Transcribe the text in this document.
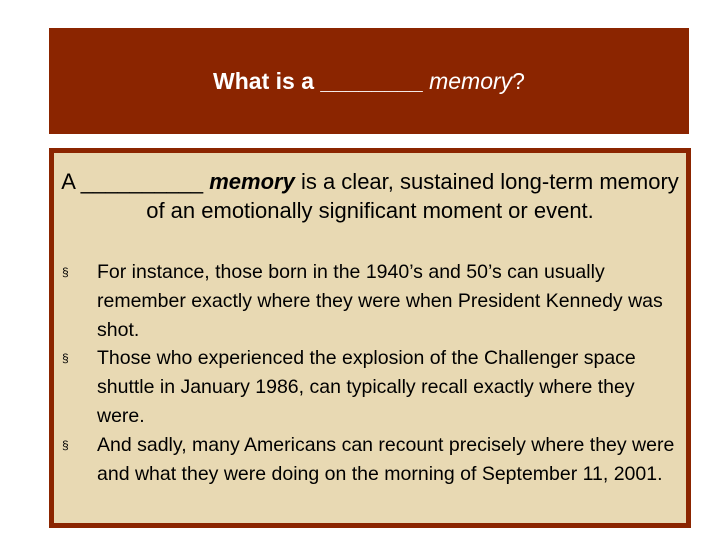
What is a ________ memory?
A __________ memory is a clear, sustained long-term memory of an emotionally significant moment or event.
§ For instance, those born in the 1940’s and 50’s can usually remember exactly where they were when President Kennedy was shot.
§ Those who experienced the explosion of the Challenger space shuttle in January 1986, can typically recall exactly where they were.
§ And sadly, many Americans can recount precisely where they were and what they were doing on the morning of September 11, 2001.
